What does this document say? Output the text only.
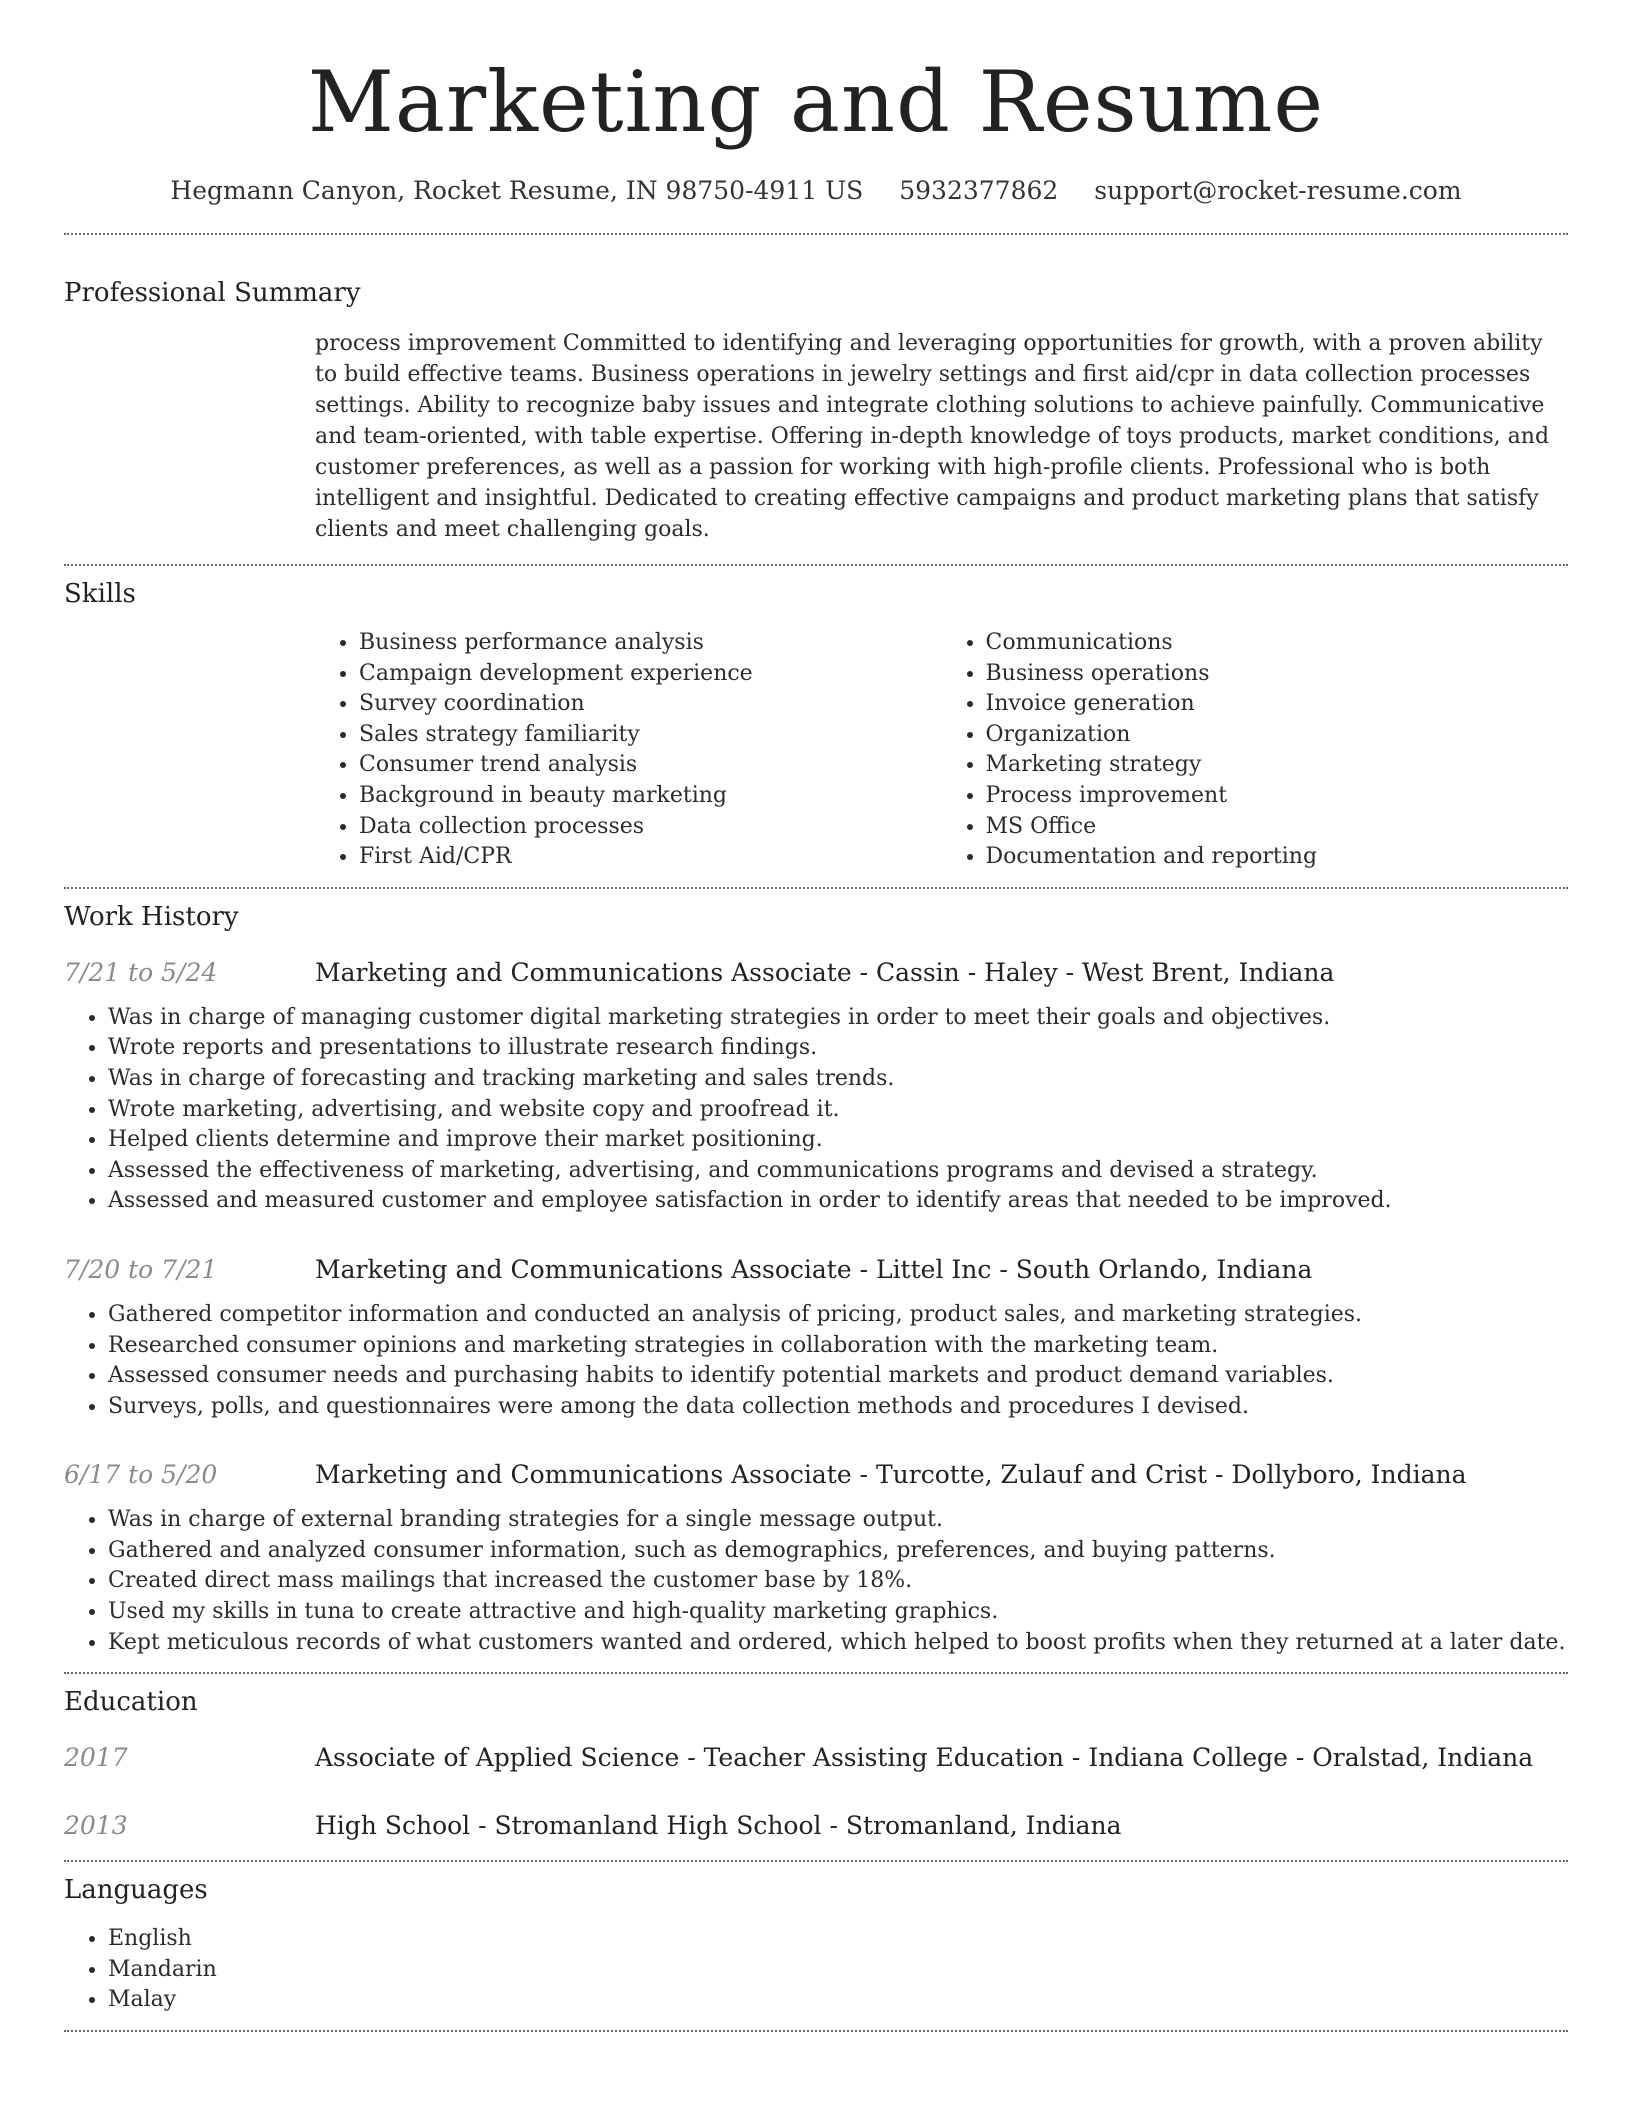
Marketing and Resume
Hegmann Canyon, Rocket Resume, IN 98750-4911 US 5932377862 support@rocket-resume.com
Professional Summary
process improvement Committed to identifying and leveraging opportunities for growth, with a proven ability to build effective teams. Business operations in jewelry settings and first aid/cpr in data collection processes settings. Ability to recognize baby issues and integrate clothing solutions to achieve painfully. Communicative and team-oriented, with table expertise. Offering in-depth knowledge of toys products, market conditions, and customer preferences, as well as a passion for working with high-profile clients. Professional who is both intelligent and insightful. Dedicated to creating effective campaigns and product marketing plans that satisfy clients and meet challenging goals.
Skills
• Business performance analysis
• Campaign development experience
• Survey coordination
• Sales strategy familiarity
• Consumer trend analysis
• Background in beauty marketing
• Data collection processes
• First Aid/CPR
• Communications
• Business operations
• Invoice generation
• Organization
• Marketing strategy
• Process improvement
• MS Office
• Documentation and reporting
Work History
7/21 to 5/24	Marketing and Communications Associate - Cassin - Haley - West Brent, Indiana
• Was in charge of managing customer digital marketing strategies in order to meet their goals and objectives.
• Wrote reports and presentations to illustrate research findings.
• Was in charge of forecasting and tracking marketing and sales trends.
• Wrote marketing, advertising, and website copy and proofread it.
• Helped clients determine and improve their market positioning.
• Assessed the effectiveness of marketing, advertising, and communications programs and devised a strategy.
• Assessed and measured customer and employee satisfaction in order to identify areas that needed to be improved.
7/20 to 7/21	Marketing and Communications Associate - Littel Inc - South Orlando, Indiana
• Gathered competitor information and conducted an analysis of pricing, product sales, and marketing strategies.
• Researched consumer opinions and marketing strategies in collaboration with the marketing team.
• Assessed consumer needs and purchasing habits to identify potential markets and product demand variables.
• Surveys, polls, and questionnaires were among the data collection methods and procedures I devised.
6/17 to 5/20	Marketing and Communications Associate - Turcotte, Zulauf and Crist - Dollyboro, Indiana
• Was in charge of external branding strategies for a single message output.
• Gathered and analyzed consumer information, such as demographics, preferences, and buying patterns.
• Created direct mass mailings that increased the customer base by 18%.
• Used my skills in tuna to create attractive and high-quality marketing graphics.
• Kept meticulous records of what customers wanted and ordered, which helped to boost profits when they returned at a later date.
Education
2017	Associate of Applied Science - Teacher Assisting Education - Indiana College - Oralstad, Indiana
2013	High School - Stromanland High School - Stromanland, Indiana
Languages
• English
• Mandarin
• Malay
